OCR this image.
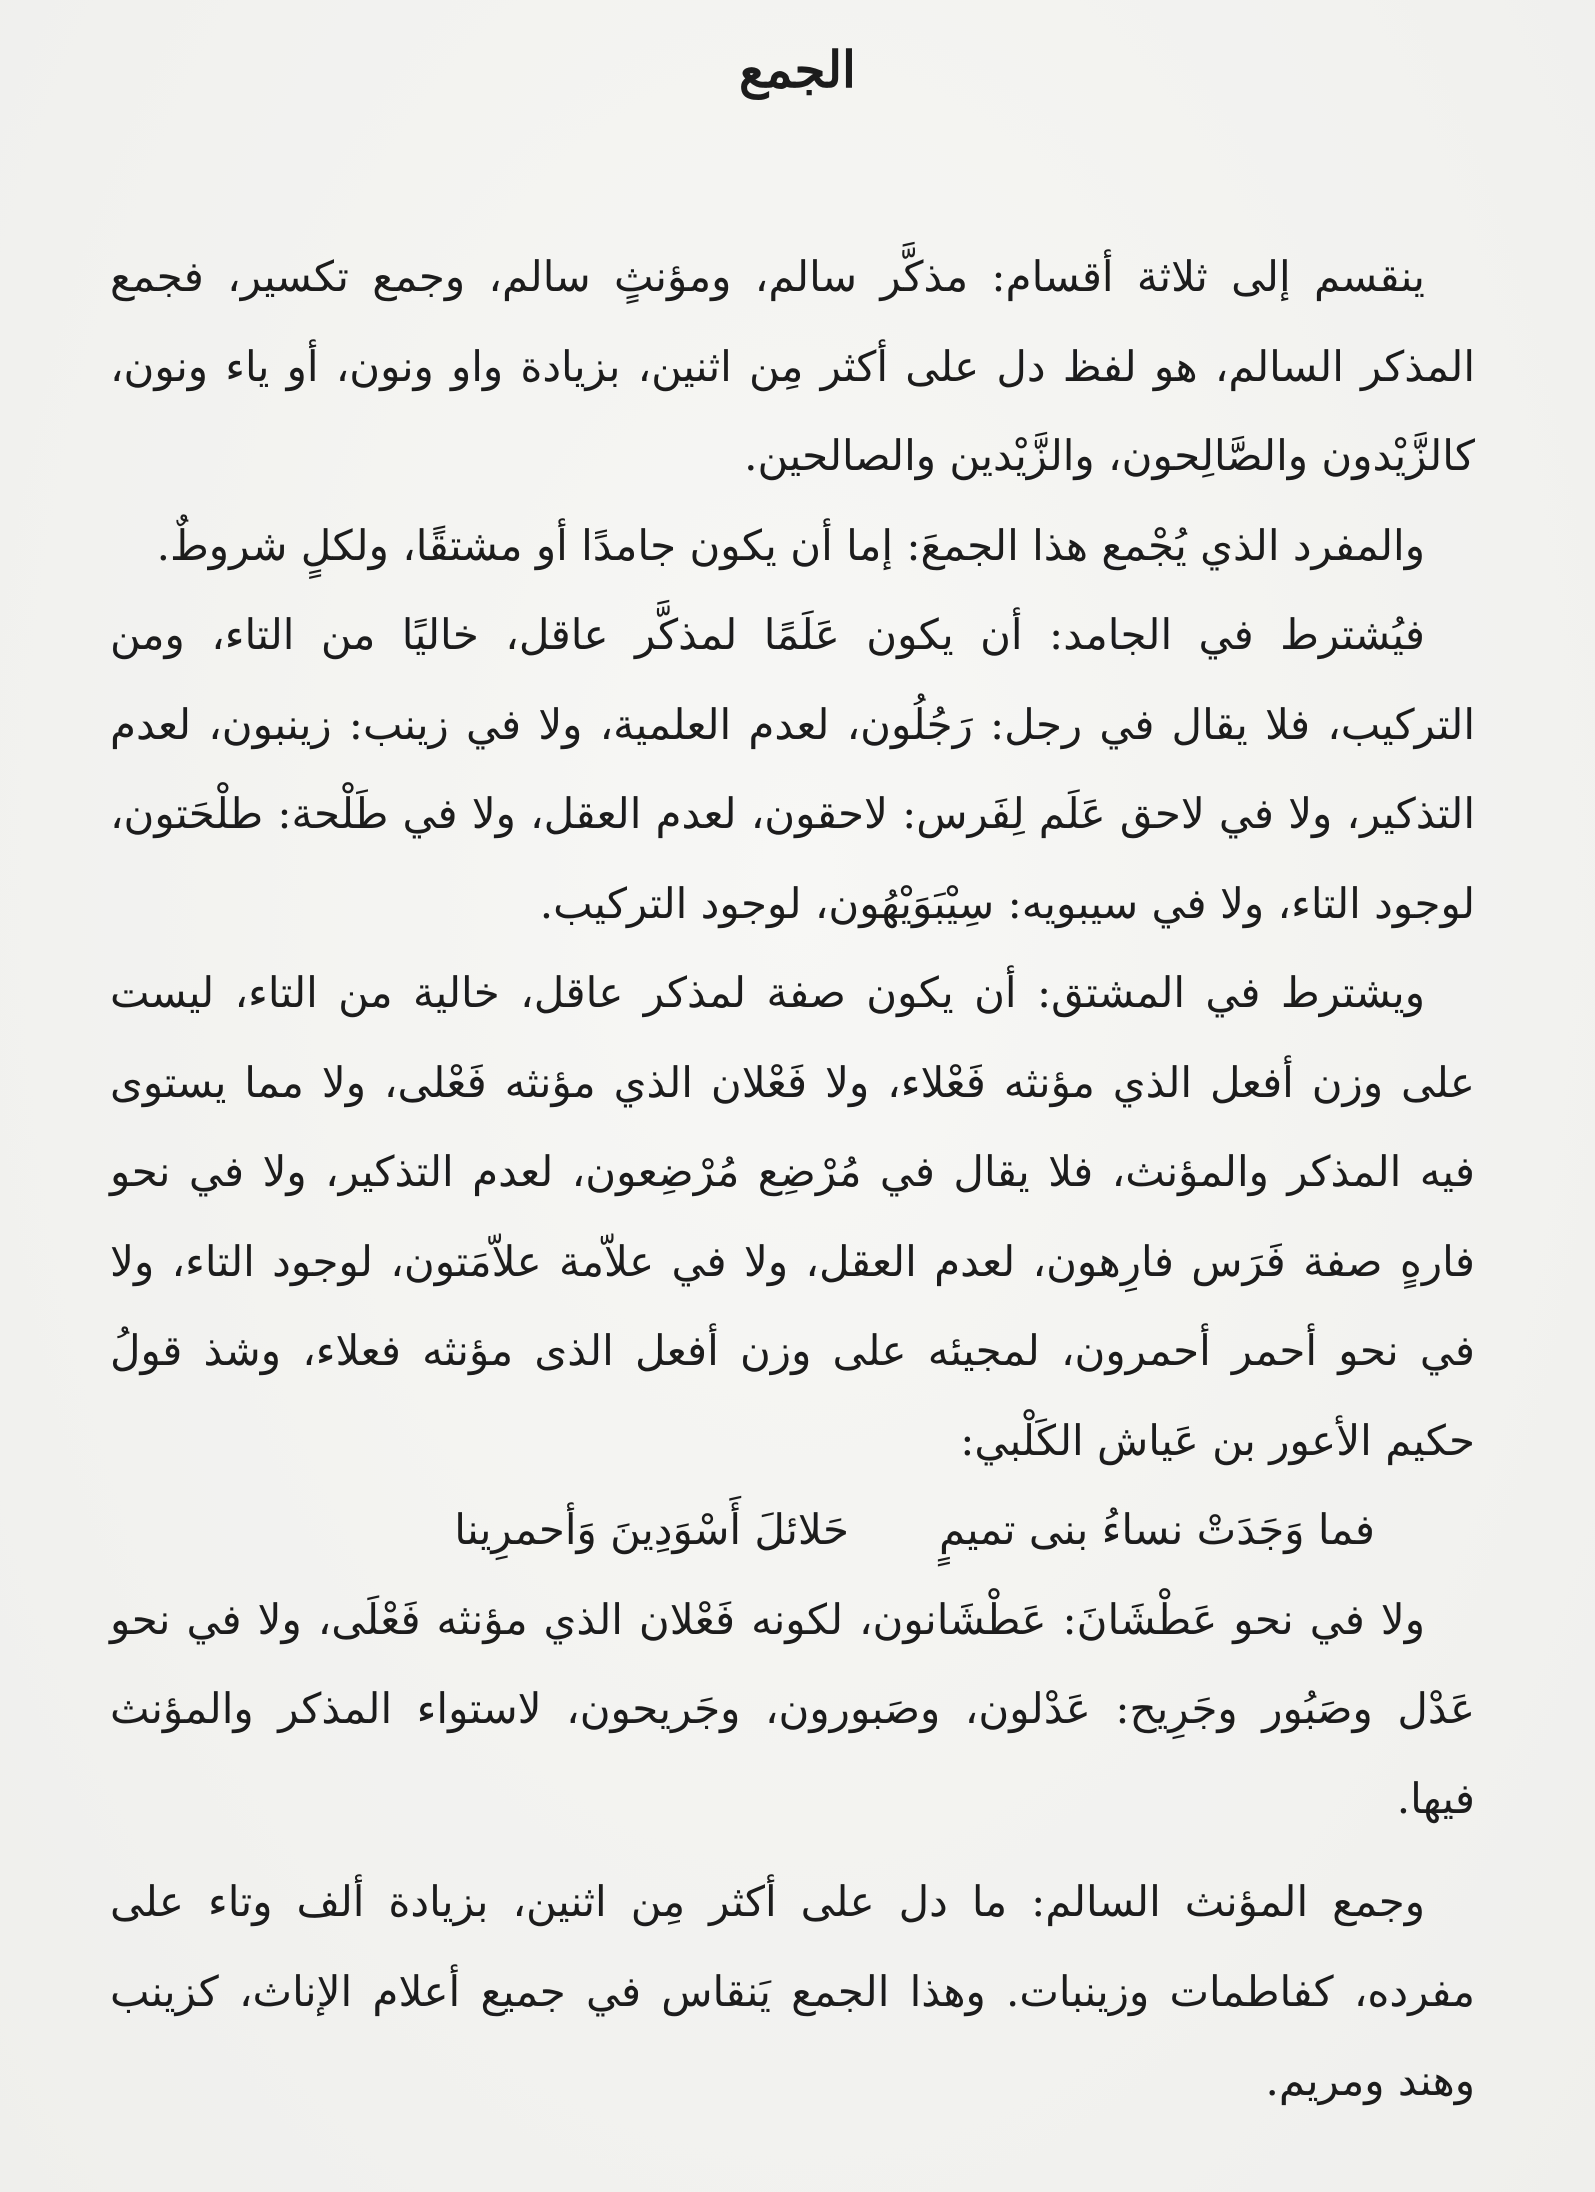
الجمع

ينقسم إلى ثلاثة أقسام: مذكَّر سالم، ومؤنثٍ سالم، وجمع تكسير، فجمع المذكر السالم، هو لفظ دل على أكثر مِن اثنين، بزيادة واو ونون، أو ياء ونون، كالزَّيْدون والصَّالِحون، والزَّيْدين والصالحين.

والمفرد الذي يُجْمع هذا الجمعَ: إما أن يكون جامدًا أو مشتقًا، ولكلٍ شروطٌ.

فيُشترط في الجامد: أن يكون عَلَمًا لمذكَّر عاقل، خاليًا من التاء، ومن التركيب، فلا يقال في رجل: رَجُلُون، لعدم العلمية، ولا في زينب: زينبون، لعدم التذكير، ولا في لاحق عَلَم لِفَرس: لاحقون، لعدم العقل، ولا في طَلْحة: طلْحَتون، لوجود التاء، ولا في سيبويه: سِيْبَوَيْهُون، لوجود التركيب.

ويشترط في المشتق: أن يكون صفة لمذكر عاقل، خالية من التاء، ليست على وزن أفعل الذي مؤنثه فَعْلاء، ولا فَعْلان الذي مؤنثه فَعْلى، ولا مما يستوى فيه المذكر والمؤنث، فلا يقال في مُرْضِع مُرْضِعون، لعدم التذكير، ولا في نحو فارهٍ صفة فَرَس فارِهون، لعدم العقل، ولا في علاّمة علاّمَتون، لوجود التاء، ولا في نحو أحمر أحمرون، لمجيئه على وزن أفعل الذى مؤنثه فعلاء، وشذ قولُ حكيم الأعور بن عَياش الكَلْبي:

فما وَجَدَتْ نساءُ بنى تميمٍ
حَلائلَ أَسْوَدِينَ وَأحمرِينا

ولا في نحو عَطْشَانَ: عَطْشَانون، لكونه فَعْلان الذي مؤنثه فَعْلَى، ولا في نحو عَدْل وصَبُور وجَرِيح: عَدْلون، وصَبورون، وجَريحون، لاستواء المذكر والمؤنث فيها.

وجمع المؤنث السالم: ما دل على أكثر مِن اثنين، بزيادة ألف وتاء على مفرده، كفاطمات وزينبات. وهذا الجمع يَنقاس في جميع أعلام الإناث، كزينب وهند ومريم.
